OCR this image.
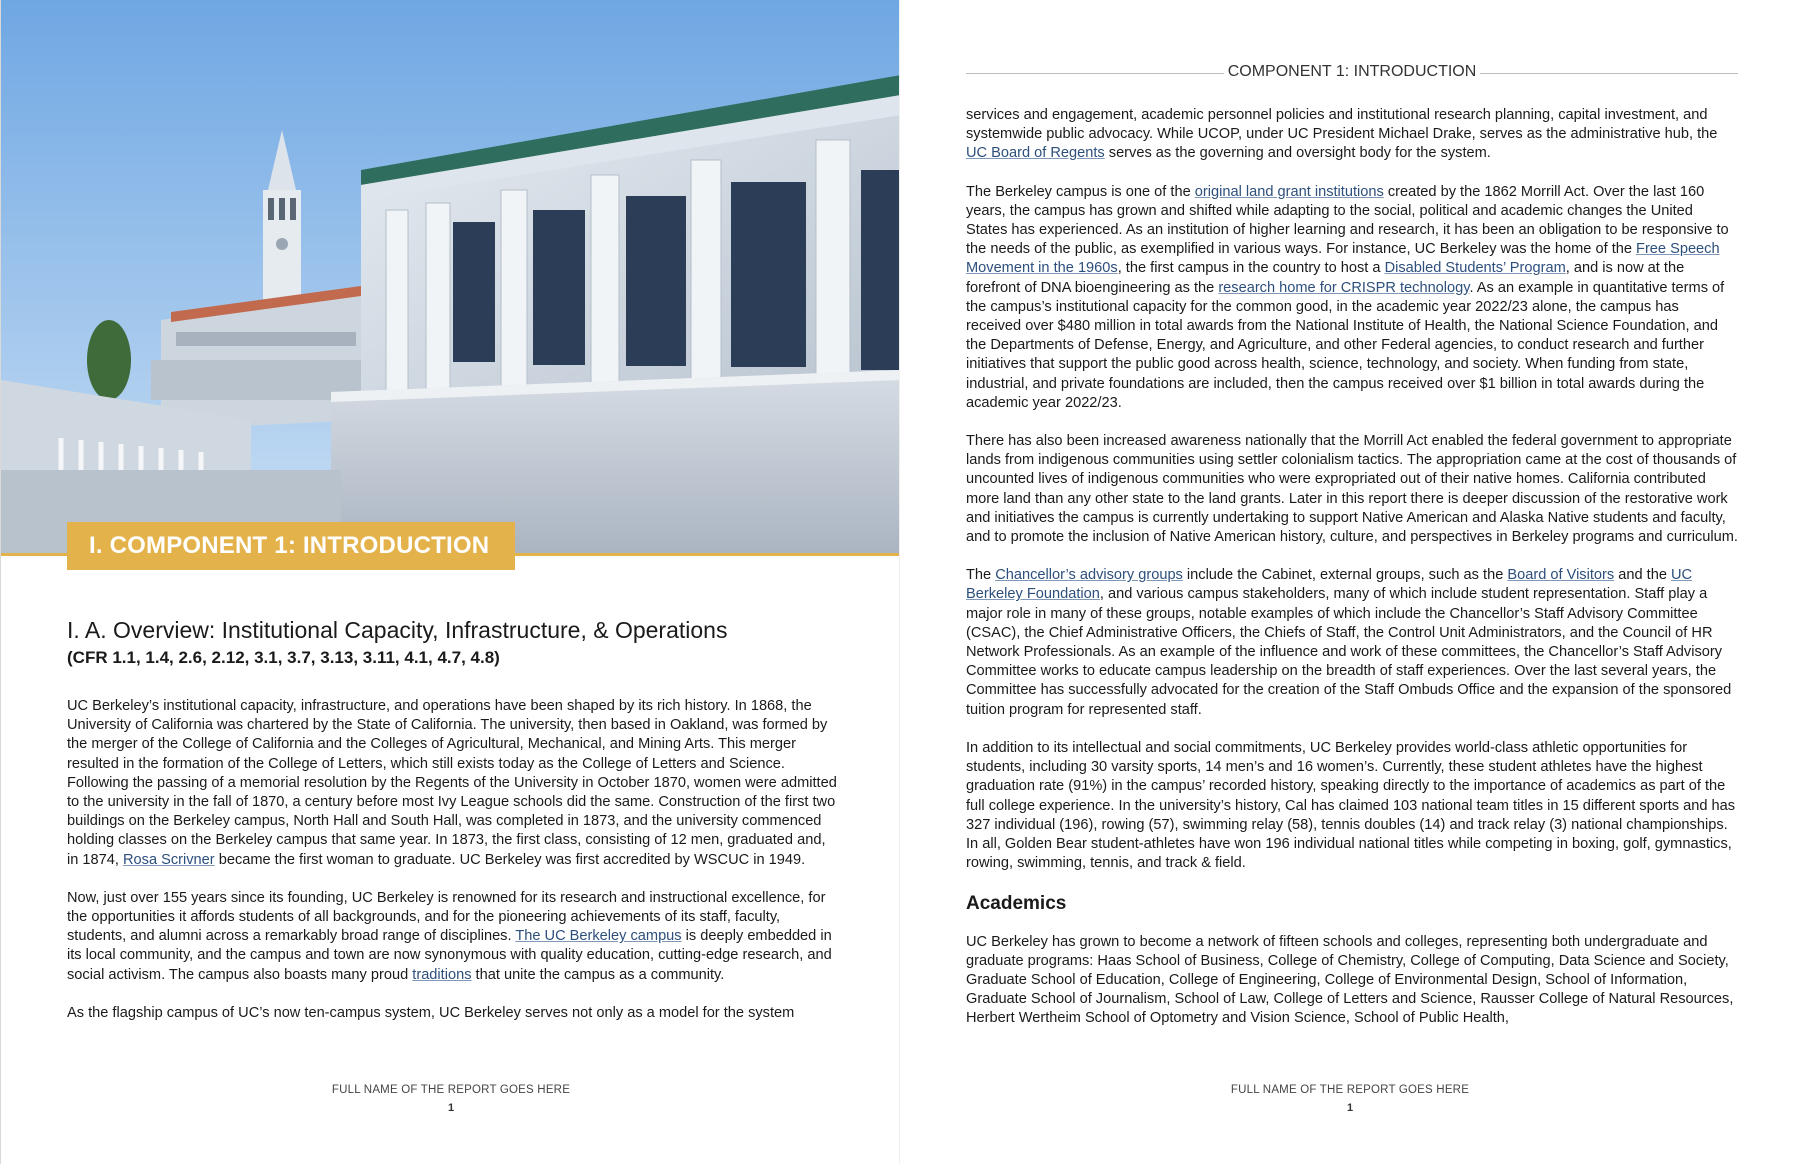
I. COMPONENT 1: INTRODUCTION
I. A. Overview: Institutional Capacity, Infrastructure, & Operations
(CFR 1.1, 1.4, 2.6, 2.12, 3.1, 3.7, 3.13, 3.11, 4.1, 4.7, 4.8)

UC Berkeley’s institutional capacity, infrastructure, and operations have been shaped by its rich history. In 1868, the University of California was chartered by the State of California. The university, then based in Oakland, was formed by the merger of the College of California and the Colleges of Agricultural, Mechanical, and Mining Arts. This merger resulted in the formation of the College of Letters, which still exists today as the College of Letters and Science. Following the passing of a memorial resolution by the Regents of the University in October 1870, women were admitted to the university in the fall of 1870, a century before most Ivy League schools did the same. Construction of the first two buildings on the Berkeley campus, North Hall and South Hall, was completed in 1873, and the university commenced holding classes on the Berkeley campus that same year. In 1873, the first class, consisting of 12 men, graduated and, in 1874, Rosa Scrivner became the first woman to graduate. UC Berkeley was first accredited by WSCUC in 1949.

Now, just over 155 years since its founding, UC Berkeley is renowned for its research and instructional excellence, for the opportunities it affords students of all backgrounds, and for the pioneering achievements of its staff, faculty, students, and alumni across a remarkably broad range of disciplines. The UC Berkeley campus is deeply embedded in its local community, and the campus and town are now synonymous with quality education, cutting-edge research, and social activism. The campus also boasts many proud traditions that unite the campus as a community.

As the flagship campus of UC’s now ten-campus system, UC Berkeley serves not only as a model for the system

FULL NAME OF THE REPORT GOES HERE
1
COMPONENT 1: INTRODUCTION

services and engagement, academic personnel policies and institutional research planning, capital investment, and systemwide public advocacy. While UCOP, under UC President Michael Drake, serves as the administrative hub, the UC Board of Regents serves as the governing and oversight body for the system.

The Berkeley campus is one of the original land grant institutions created by the 1862 Morrill Act. Over the last 160 years, the campus has grown and shifted while adapting to the social, political and academic changes the United States has experienced. As an institution of higher learning and research, it has been an obligation to be responsive to the needs of the public, as exemplified in various ways. For instance, UC Berkeley was the home of the Free Speech Movement in the 1960s, the first campus in the country to host a Disabled Students’ Program, and is now at the forefront of DNA bioengineering as the research home for CRISPR technology. As an example in quantitative terms of the campus’s institutional capacity for the common good, in the academic year 2022/23 alone, the campus has received over $480 million in total awards from the National Institute of Health, the National Science Foundation, and the Departments of Defense, Energy, and Agriculture, and other Federal agencies, to conduct research and further initiatives that support the public good across health, science, technology, and society. When funding from state, industrial, and private foundations are included, then the campus received over $1 billion in total awards during the academic year 2022/23.

There has also been increased awareness nationally that the Morrill Act enabled the federal government to appropriate lands from indigenous communities using settler colonialism tactics. The appropriation came at the cost of thousands of uncounted lives of indigenous communities who were expropriated out of their native homes. California contributed more land than any other state to the land grants. Later in this report there is deeper discussion of the restorative work and initiatives the campus is currently undertaking to support Native American and Alaska Native students and faculty, and to promote the inclusion of Native American history, culture, and perspectives in Berkeley programs and curriculum.

The Chancellor’s advisory groups include the Cabinet, external groups, such as the Board of Visitors and the UC Berkeley Foundation, and various campus stakeholders, many of which include student representation. Staff play a major role in many of these groups, notable examples of which include the Chancellor’s Staff Advisory Committee (CSAC), the Chief Administrative Officers, the Chiefs of Staff, the Control Unit Administrators, and the Council of HR Network Professionals. As an example of the influence and work of these committees, the Chancellor’s Staff Advisory Committee works to educate campus leadership on the breadth of staff experiences. Over the last several years, the Committee has successfully advocated for the creation of the Staff Ombuds Office and the expansion of the sponsored tuition program for represented staff.

In addition to its intellectual and social commitments, UC Berkeley provides world-class athletic opportunities for students, including 30 varsity sports, 14 men’s and 16 women’s. Currently, these student athletes have the highest graduation rate (91%) in the campus’ recorded history, speaking directly to the importance of academics as part of the full college experience. In the university’s history, Cal has claimed 103 national team titles in 15 different sports and has 327 individual (196), rowing (57), swimming relay (58), tennis doubles (14) and track relay (3) national championships. In all, Golden Bear student-athletes have won 196 individual national titles while competing in boxing, golf, gymnastics, rowing, swimming, tennis, and track & field.

Academics

UC Berkeley has grown to become a network of fifteen schools and colleges, representing both undergraduate and graduate programs: Haas School of Business, College of Chemistry, College of Computing, Data Science and Society, Graduate School of Education, College of Engineering, College of Environmental Design, School of Information, Graduate School of Journalism, School of Law, College of Letters and Science, Rausser College of Natural Resources, Herbert Wertheim School of Optometry and Vision Science, School of Public Health,

FULL NAME OF THE REPORT GOES HERE
1
